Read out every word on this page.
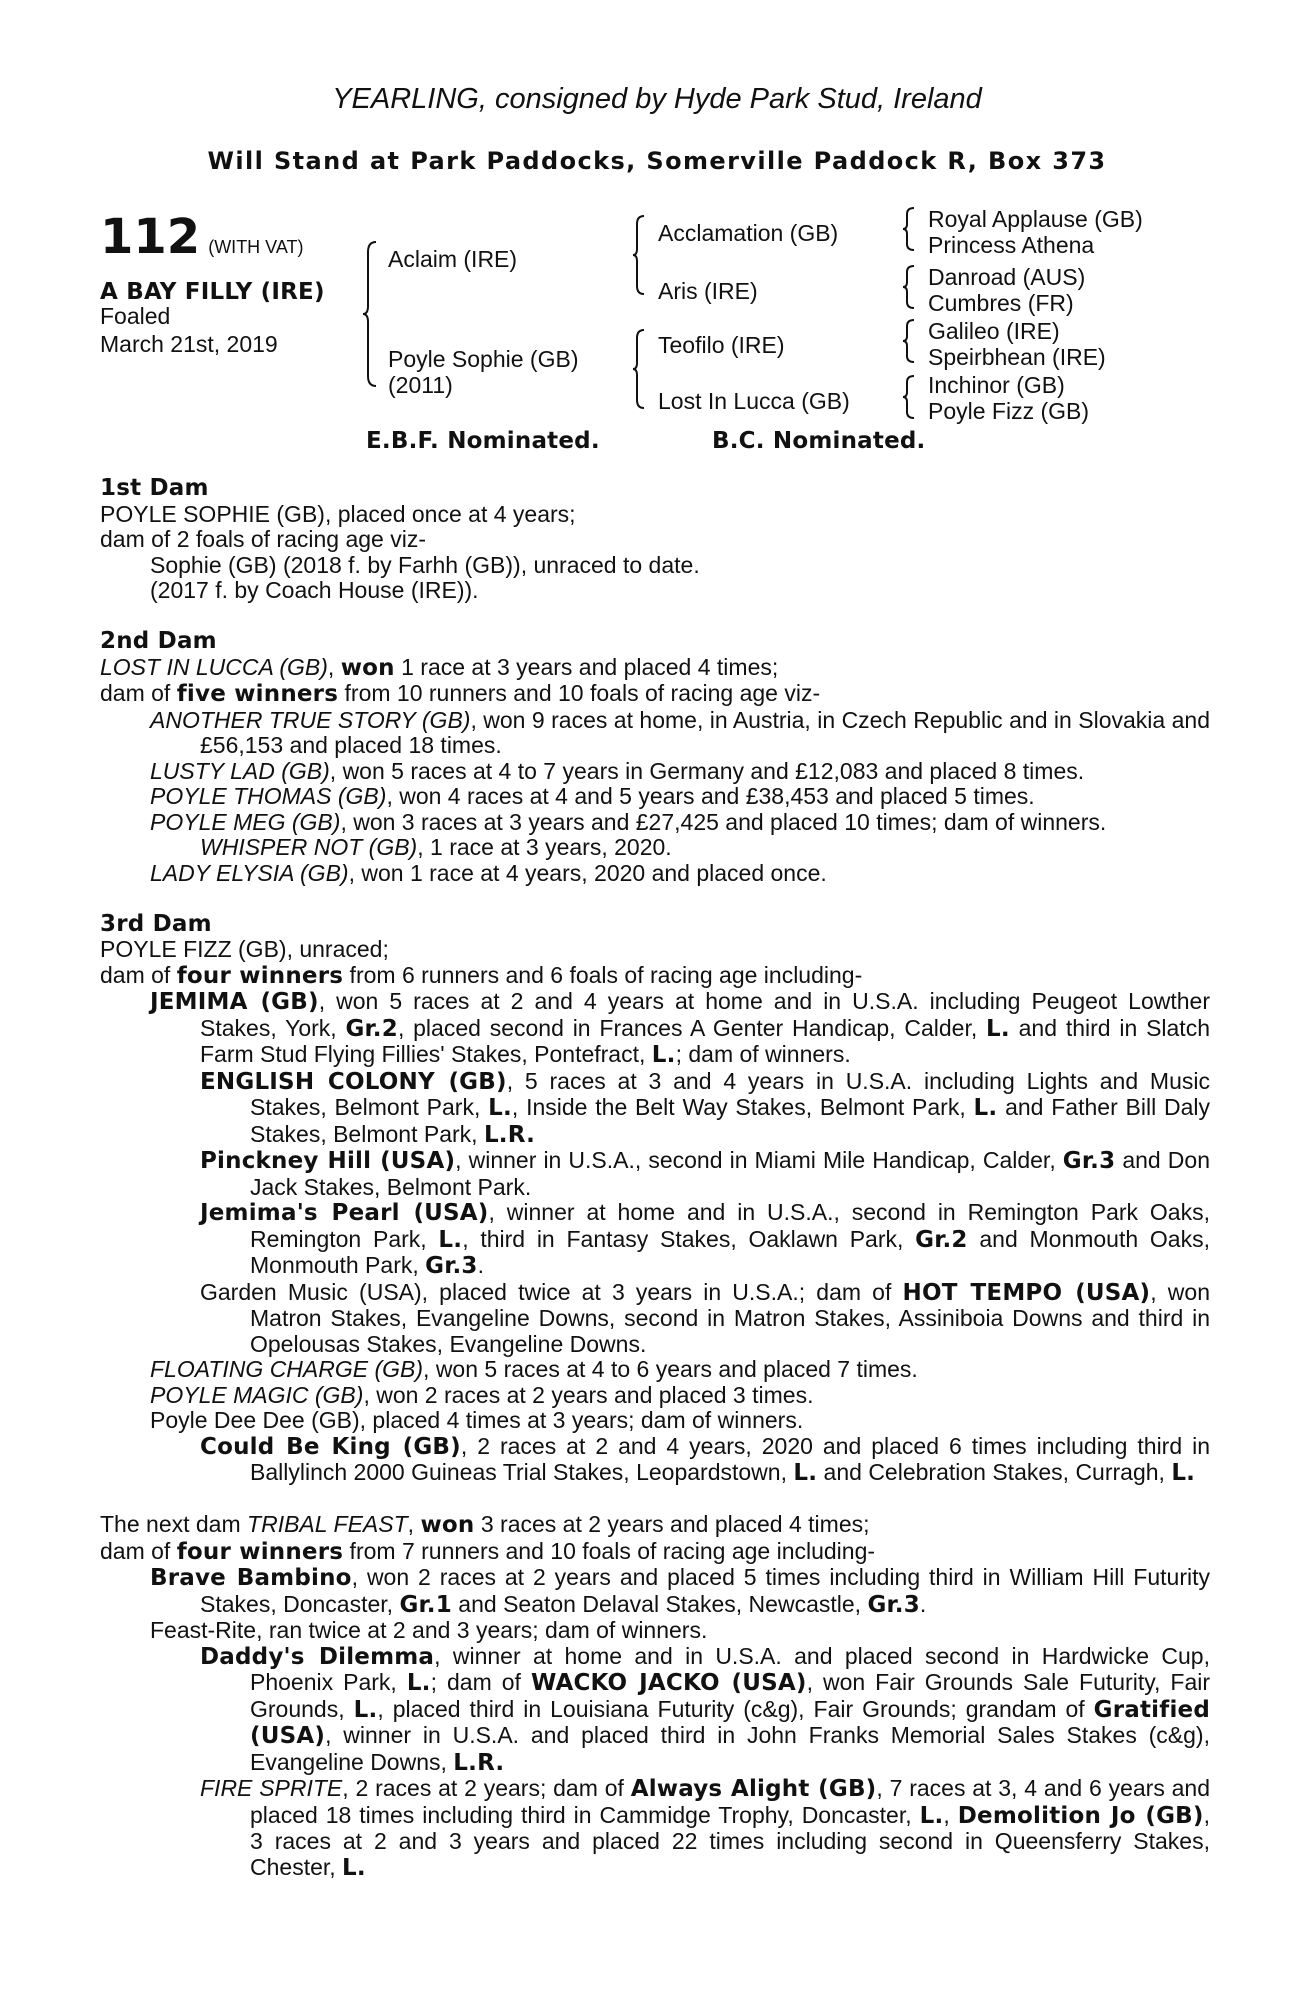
YEARLING, consigned by Hyde Park Stud, Ireland
Will Stand at Park Paddocks, Somerville Paddock R, Box 373
112 (WITH VAT)
A BAY FILLY (IRE)
Foaled
March 21st, 2019
Aclaim (IRE)
Poyle Sophie (GB)
(2011)
Acclamation (GB)
Aris (IRE)
Teofilo (IRE)
Lost In Lucca (GB)
Royal Applause (GB)
Princess Athena
Danroad (AUS)
Cumbres (FR)
Galileo (IRE)
Speirbhean (IRE)
Inchinor (GB)
Poyle Fizz (GB)
E.B.F. Nominated.	B.C. Nominated.
1st Dam
POYLE SOPHIE (GB), placed once at 4 years;
dam of 2 foals of racing age viz-
Sophie (GB) (2018 f. by Farhh (GB)), unraced to date.
(2017 f. by Coach House (IRE)).
2nd Dam
LOST IN LUCCA (GB), won 1 race at 3 years and placed 4 times;
dam of five winners from 10 runners and 10 foals of racing age viz-
ANOTHER TRUE STORY (GB), won 9 races at home, in Austria, in Czech Republic and in Slovakia and £56,153 and placed 18 times.
LUSTY LAD (GB), won 5 races at 4 to 7 years in Germany and £12,083 and placed 8 times.
POYLE THOMAS (GB), won 4 races at 4 and 5 years and £38,453 and placed 5 times.
POYLE MEG (GB), won 3 races at 3 years and £27,425 and placed 10 times; dam of winners.
WHISPER NOT (GB), 1 race at 3 years, 2020.
LADY ELYSIA (GB), won 1 race at 4 years, 2020 and placed once.
3rd Dam
POYLE FIZZ (GB), unraced;
dam of four winners from 6 runners and 6 foals of racing age including-
JEMIMA (GB), won 5 races at 2 and 4 years at home and in U.S.A. including Peugeot Lowther Stakes, York, Gr.2, placed second in Frances A Genter Handicap, Calder, L. and third in Slatch Farm Stud Flying Fillies' Stakes, Pontefract, L.; dam of winners.
ENGLISH COLONY (GB), 5 races at 3 and 4 years in U.S.A. including Lights and Music Stakes, Belmont Park, L., Inside the Belt Way Stakes, Belmont Park, L. and Father Bill Daly Stakes, Belmont Park, L.R.
Pinckney Hill (USA), winner in U.S.A., second in Miami Mile Handicap, Calder, Gr.3 and Don Jack Stakes, Belmont Park.
Jemima's Pearl (USA), winner at home and in U.S.A., second in Remington Park Oaks, Remington Park, L., third in Fantasy Stakes, Oaklawn Park, Gr.2 and Monmouth Oaks, Monmouth Park, Gr.3.
Garden Music (USA), placed twice at 3 years in U.S.A.; dam of HOT TEMPO (USA), won Matron Stakes, Evangeline Downs, second in Matron Stakes, Assiniboia Downs and third in Opelousas Stakes, Evangeline Downs.
FLOATING CHARGE (GB), won 5 races at 4 to 6 years and placed 7 times.
POYLE MAGIC (GB), won 2 races at 2 years and placed 3 times.
Poyle Dee Dee (GB), placed 4 times at 3 years; dam of winners.
Could Be King (GB), 2 races at 2 and 4 years, 2020 and placed 6 times including third in Ballylinch 2000 Guineas Trial Stakes, Leopardstown, L. and Celebration Stakes, Curragh, L.
The next dam TRIBAL FEAST, won 3 races at 2 years and placed 4 times;
dam of four winners from 7 runners and 10 foals of racing age including-
Brave Bambino, won 2 races at 2 years and placed 5 times including third in William Hill Futurity Stakes, Doncaster, Gr.1 and Seaton Delaval Stakes, Newcastle, Gr.3.
Feast-Rite, ran twice at 2 and 3 years; dam of winners.
Daddy's Dilemma, winner at home and in U.S.A. and placed second in Hardwicke Cup, Phoenix Park, L.; dam of WACKO JACKO (USA), won Fair Grounds Sale Futurity, Fair Grounds, L., placed third in Louisiana Futurity (c&g), Fair Grounds; grandam of Gratified (USA), winner in U.S.A. and placed third in John Franks Memorial Sales Stakes (c&g), Evangeline Downs, L.R.
FIRE SPRITE, 2 races at 2 years; dam of Always Alight (GB), 7 races at 3, 4 and 6 years and placed 18 times including third in Cammidge Trophy, Doncaster, L., Demolition Jo (GB), 3 races at 2 and 3 years and placed 22 times including second in Queensferry Stakes, Chester, L.
